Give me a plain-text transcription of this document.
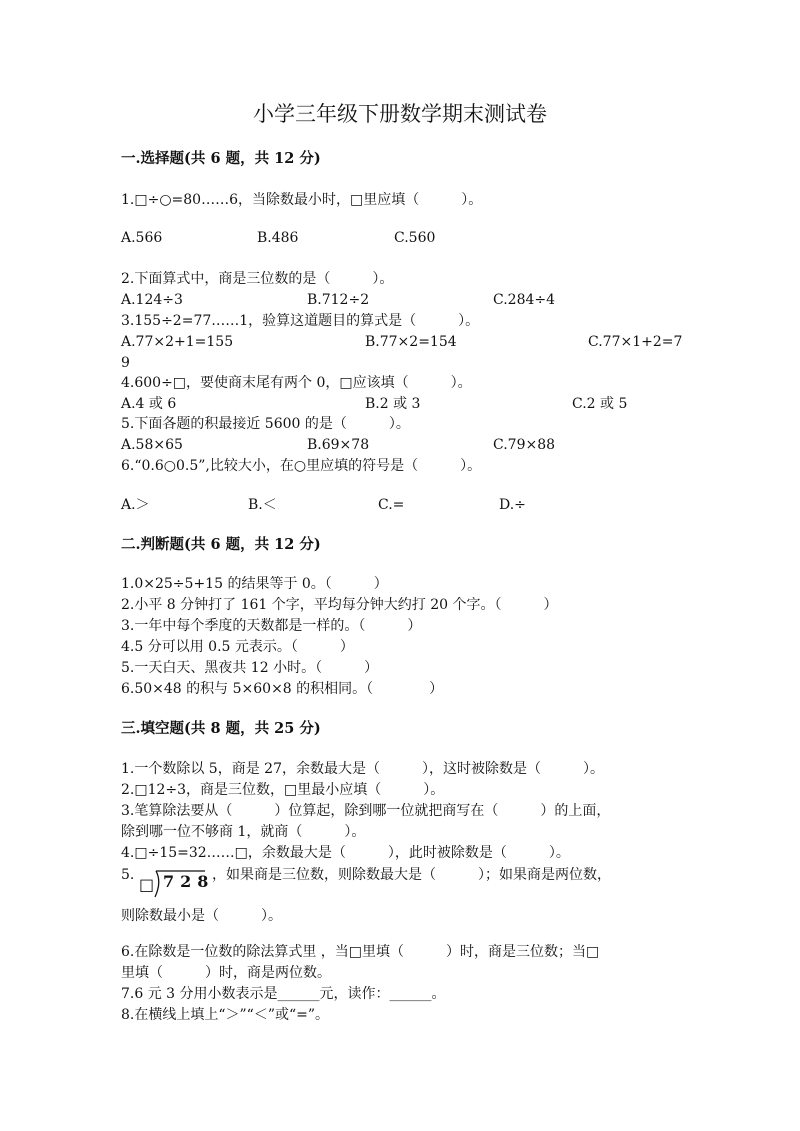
小学三年级下册数学期末测试卷
一.选择题(共 6 题，共 12 分)
1.□÷○=80……6，当除数最小时，□里应填（　　　）。
A.566	B.486	C.560
2.下面算式中，商是三位数的是（　　　）。
A.124÷3	B.712÷2	C.284÷4
3.155÷2=77……1，验算这道题目的算式是（　　　）。
A.77×2+1=155	B.77×2=154	C.77×1+2=7
9
4.600÷□，要使商末尾有两个 0，□应该填（　　　）。
A.4 或 6	B.2 或 3	C.2 或 5
5.下面各题的积最接近 5600 的是（　　　）。
A.58×65	B.69×78	C.79×88
6.“0.6○0.5”,比较大小，在○里应填的符号是（　　　）。
A.＞	B.＜	C.=	D.÷
二.判断题(共 6 题，共 12 分)
1.0×25÷5+15 的结果等于 0。（　　　）
2.小平 8 分钟打了 161 个字，平均每分钟大约打 20 个字。（　　　）
3.一年中每个季度的天数都是一样的。（　　　）
4.5 分可以用 0.5 元表示。（　　　）
5.一天白天、黑夜共 12 小时。（　　　）
6.50×48 的积与 5×60×8 的积相同。（　　　　）
三.填空题(共 8 题，共 25 分)
1.一个数除以 5，商是 27，余数最大是（　　　），这时被除数是（　　　）。
2.□12÷3，商是三位数，□里最小应填（　　　）。
3.笔算除法要从（　　　）位算起，除到哪一位就把商写在（　　　）的上面，
除到哪一位不够商 1，就商（　　　）。
4.□÷15=32……□，余数最大是（　　　），此时被除数是（　　　）。
5. □ 728
，如果商是三位数，则除数最大是（　　　）；如果商是两位数，
则除数最小是（　　　）。
6.在除数是一位数的除法算式里 ，当□里填（　　　）时，商是三位数；当□
里填（　　　）时，商是两位数。
7.6 元 3 分用小数表示是______元，读作：______。
8.在横线上填上“＞”“＜”或“=”。
